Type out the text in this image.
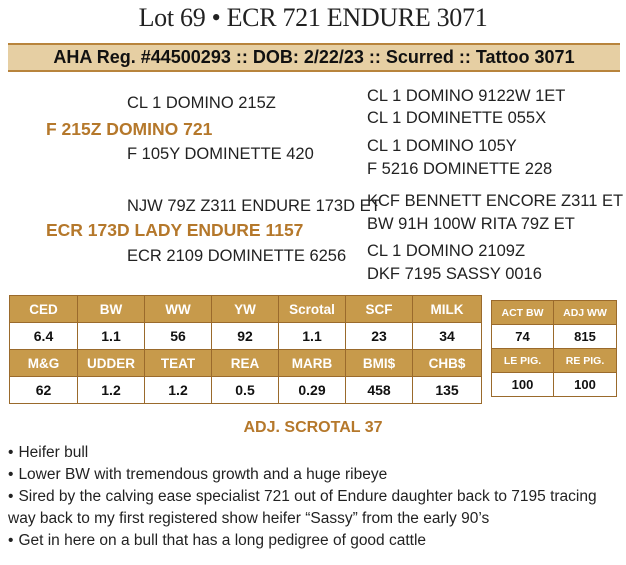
Lot 69 • ECR 721 ENDURE 3071
AHA Reg. #44500293 :: DOB: 2/22/23 :: Scurred :: Tattoo 3071
CL 1 DOMINO 215Z
F 215Z DOMINO 721
F 105Y DOMINETTE 420
NJW 79Z Z311 ENDURE 173D ET
ECR 173D LADY ENDURE 1157
ECR 2109 DOMINETTE 6256
CL 1 DOMINO 9122W 1ET
CL 1 DOMINETTE 055X
CL 1 DOMINO 105Y
F 5216 DOMINETTE 228
KCF BENNETT ENCORE Z311 ET
BW 91H 100W RITA 79Z ET
CL 1 DOMINO 2109Z
DKF 7195 SASSY 0016
CED	BW	WW	YW	Scrotal	SCF	MILK
6.4	1.1	56	92	1.1	23	34
M&G	UDDER	TEAT	REA	MARB	BMI$	CHB$
62	1.2	1.2	0.5	0.29	458	135
ACT BW	ADJ WW
74	815
LE PIG.	RE PIG.
100	100
ADJ. SCROTAL 37
• Heifer bull
• Lower BW with tremendous growth and a huge ribeye
• Sired by the calving ease specialist 721 out of Endure daughter back to 7195 tracing way back to my first registered show heifer “Sassy” from the early 90’s
• Get in here on a bull that has a long pedigree of good cattle
